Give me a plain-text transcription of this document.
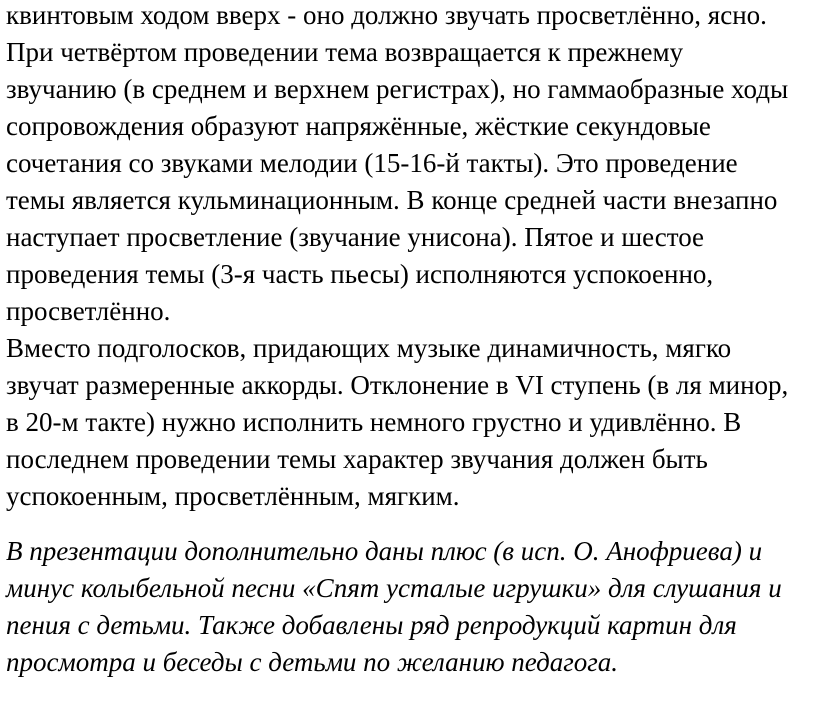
квинтовым ходом вверх - оно должно звучать просветлённо, ясно.

При четвёртом проведении тема возвращается к прежнему

звучанию (в среднем и верхнем регистрах), но гаммаобразные ходы

сопровождения образуют напряжённые, жёсткие секундовые

сочетания со звуками мелодии (15-16-й такты). Это проведение

темы является кульминационным. В конце средней части внезапно

наступает просветление (звучание унисона). Пятое и шестое

проведения темы (3-я часть пьесы) исполняются успокоенно,

просветлённо.

Вместо подголосков, придающих музыке динамичность, мягко

звучат размеренные аккорды. Отклонение в VI ступень (в ля минор,

в 20-м такте) нужно исполнить немного грустно и удивлённо. В

последнем проведении темы характер звучания должен быть

успокоенным, просветлённым, мягким.

В презентации дополнительно даны плюс (в исп. О. Анофриева) и

минус колыбельной песни «Спят усталые игрушки» для слушания и

пения с детьми. Также добавлены ряд репродукций картин для

просмотра и беседы с детьми по желанию педагога.
